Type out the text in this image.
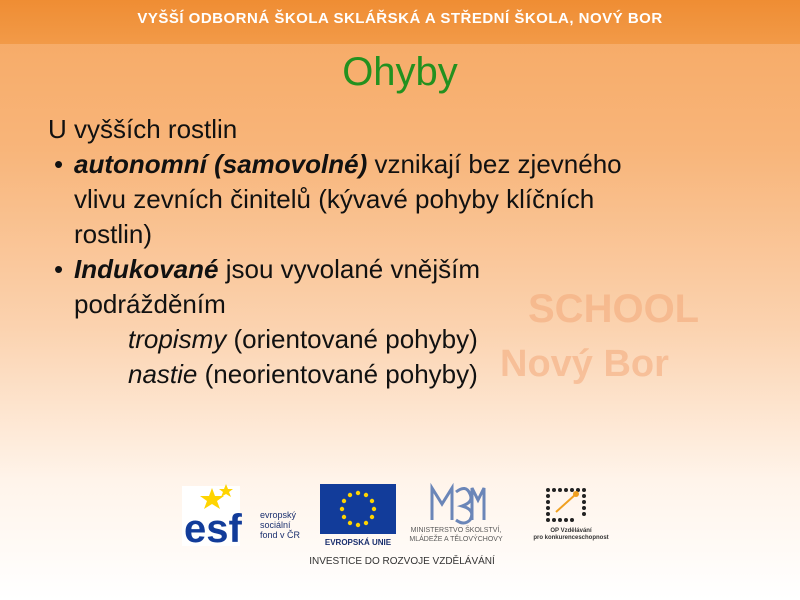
VYŠŠÍ ODBORNÁ ŠKOLA SKLÁŘSKÁ A STŘEDNÍ ŠKOLA, NOVÝ BOR
SCHOOL
Nový Bor
Ohyby
U vyšších rostlin
• autonomní (samovolné) vznikají bez zjevného
vlivu zevních činitelů (kývavé pohyby klíčních
rostlin)
• Indukované jsou vyvolané vnějším
podrážděním
tropismy (orientované pohyby)
nastie (neorientované pohyby)
esf evropský
sociální
fond v ČR
EVROPSKÁ UNIE
MINISTERSTVO ŠKOLSTVÍ,
MLÁDEŽE A TĚLOVÝCHOVY
OP Vzdělávání
pro konkurenceschopnost
INVESTICE DO ROZVOJE VZDĚLÁVÁNÍ
